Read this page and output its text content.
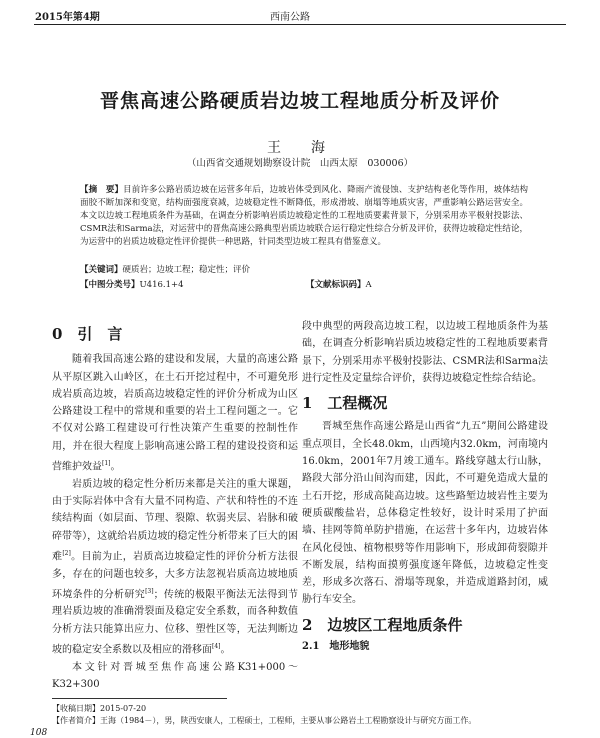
2015年第4期	西南公路
晋焦高速公路硬质岩边坡工程地质分析及评价
王　海
（山西省交通规划勘察设计院　山西太原　030006）
【摘　要】目前许多公路岩质边坡在运营多年后，边坡岩体受到风化、降雨产流侵蚀、支护结构老化等作用，坡体结构面胶不断加深和变宽，结构面强度衰减，边坡稳定性不断降低，形成滑坡、崩塌等地质灾害，严重影响公路运营安全。本文以边坡工程地质条件为基础，在调查分析影响岩质边坡稳定性的工程地质要素背景下，分别采用赤平极射投影法、CSMR法和Sarma法，对运营中的晋焦高速公路典型岩质边坡联合运行稳定性综合分析及评价，获得边坡稳定性结论，为运营中的岩质边坡稳定性评价提供一种思路，针同类型边坡工程具有借鉴意义。
【关键词】硬质岩；边坡工程；稳定性；评价
【中图分类号】U416.1+4	【文献标识码】A
0　引　言

随着我国高速公路的建设和发展，大量的高速公路从平原区跳入山岭区，在土石开挖过程中，不可避免形成岩质高边坡，岩质高边坡稳定性的评价分析成为山区公路建设工程中的常规和重要的岩土工程问题之一。它不仅对公路工程建设可行性决策产生重要的控制性作用，并在很大程度上影响高速公路工程的建设投资和运营维护效益[1]。

岩质边坡的稳定性分析历来都是关注的重大课题，由于实际岩体中含有大量不同构造、产状和特性的不连续结构面（如层面、节理、裂隙、软弱夹层、岩脉和破碎带等），这就给岩质边坡的稳定性分析带来了巨大的困难[2]。目前为止，岩质高边坡稳定性的评价分析方法很多，存在的问题也较多，大多方法忽视岩质高边坡地质环境条件的分析研究[3]；传统的极限平衡法无法得到节理岩质边坡的准确滑裂面及稳定安全系数，而各种数值分析方法只能算出应力、位移、塑性区等，无法判断边坡的稳定安全系数以及相应的滑移面[4]。

本文针对晋城至焦作高速公路K31+000～K32+300

段中典型的两段高边坡工程，以边坡工程地质条件为基础，在调查分析影响岩质边坡稳定性的工程地质要素背景下，分别采用赤平极射投影法、CSMR法和Sarma法进行定性及定量综合评价，获得边坡稳定性综合结论。

1　工程概况

晋城至焦作高速公路是山西省“九五”期间公路建设重点项目，全长48.0km，山西境内32.0km，河南境内16.0km，2001年7月竣工通车。路线穿越太行山脉，路段大部分沿山间沟而建，因此，不可避免造成大量的土石开挖，形成高陡高边坡。这些路堑边坡岩性主要为硬质碳酸盐岩，总体稳定性较好，设计时采用了护面墙、挂网等简单防护措施，在运营十多年内，边坡岩体在风化侵蚀、植物根劈等作用影响下，形成卸荷裂隙并不断发展，结构面摸剪强度逐年降低，边坡稳定性变差，形成多次落石、滑塌等现象，并造成道路封闭，威胁行车安全。

2　边坡区工程地质条件
2.1　地形地貌
【收稿日期】2015-07-20
【作者简介】王海（1984－），男，陕西安康人，工程硕士，工程师，主要从事公路岩土工程勘察设计与研究方面工作。
108
